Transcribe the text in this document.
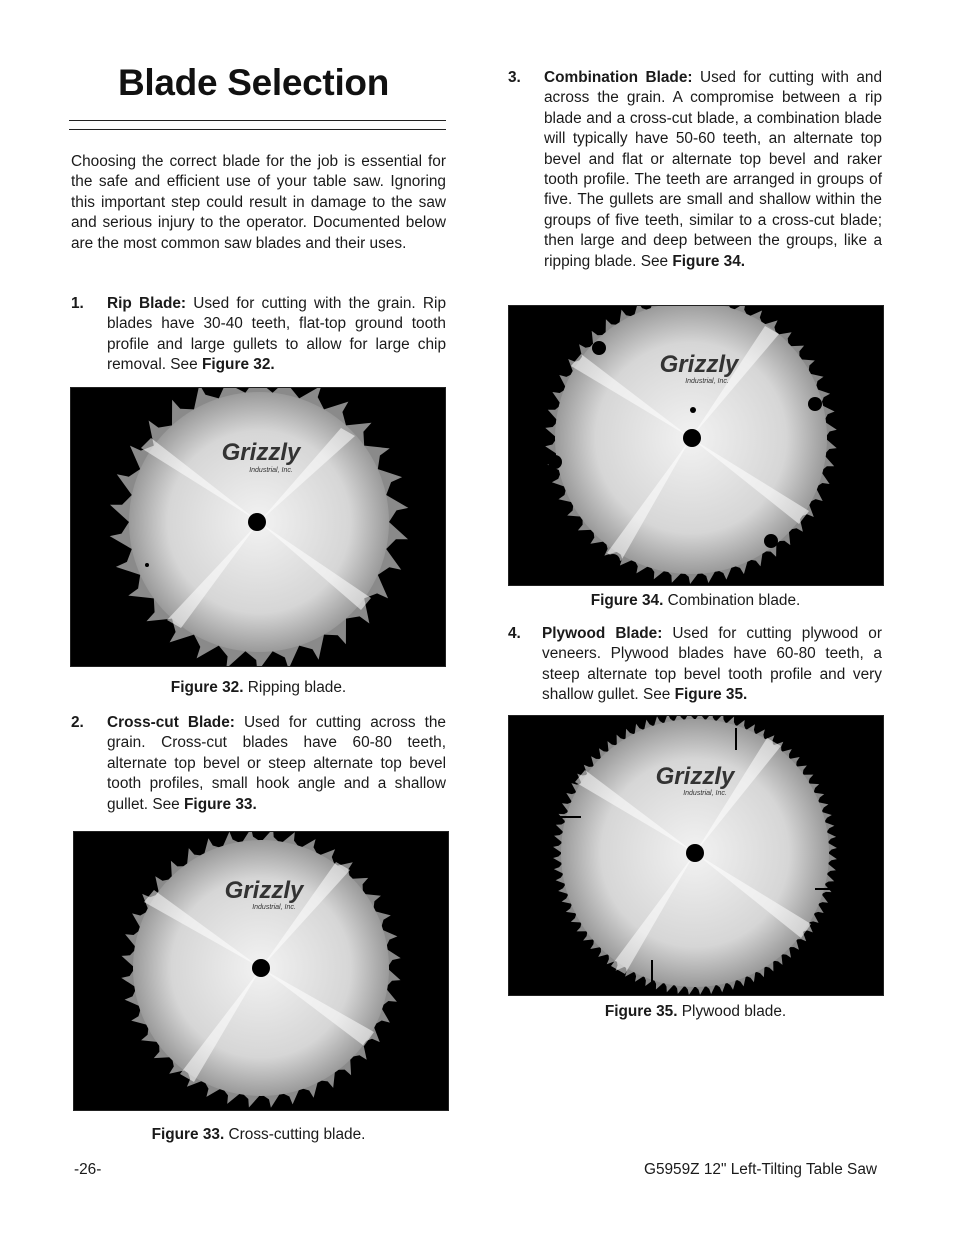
Blade Selection

Choosing the correct blade for the job is essential for the safe and efficient use of your table saw. Ignoring this important step could result in damage to the saw and serious injury to the operator. Documented below are the most common saw blades and their uses.

1. Rip Blade: Used for cutting with the grain. Rip blades have 30-40 teeth, flat-top ground tooth profile and large gullets to allow for large chip removal. See Figure 32.
Grizzly
Industrial, Inc.
Figure 32. Ripping blade.
2. Cross-cut Blade: Used for cutting across the grain. Cross-cut blades have 60-80 teeth, alternate top bevel or steep alternate top bevel tooth profiles, small hook angle and a shallow gullet. See Figure 33.
Grizzly
Industrial, Inc.
Figure 33. Cross-cutting blade.
3. Combination Blade: Used for cutting with and across the grain. A compromise between a rip blade and a cross-cut blade, a combination blade will typically have 50-60 teeth, an alternate top bevel and flat or alternate top bevel and raker tooth profile. The teeth are arranged in groups of five. The gullets are small and shallow within the groups of five teeth, similar to a cross-cut blade; then large and deep between the groups, like a ripping blade. See Figure 34.
Grizzly
Industrial, Inc.
Figure 34. Combination blade.
4. Plywood Blade: Used for cutting plywood or veneers. Plywood blades have 60-80 teeth, a steep alternate top bevel tooth profile and very shallow gullet. See Figure 35.
Grizzly
Industrial, Inc.
Figure 35. Plywood blade.
-26-	G5959Z 12" Left-Tilting Table Saw
